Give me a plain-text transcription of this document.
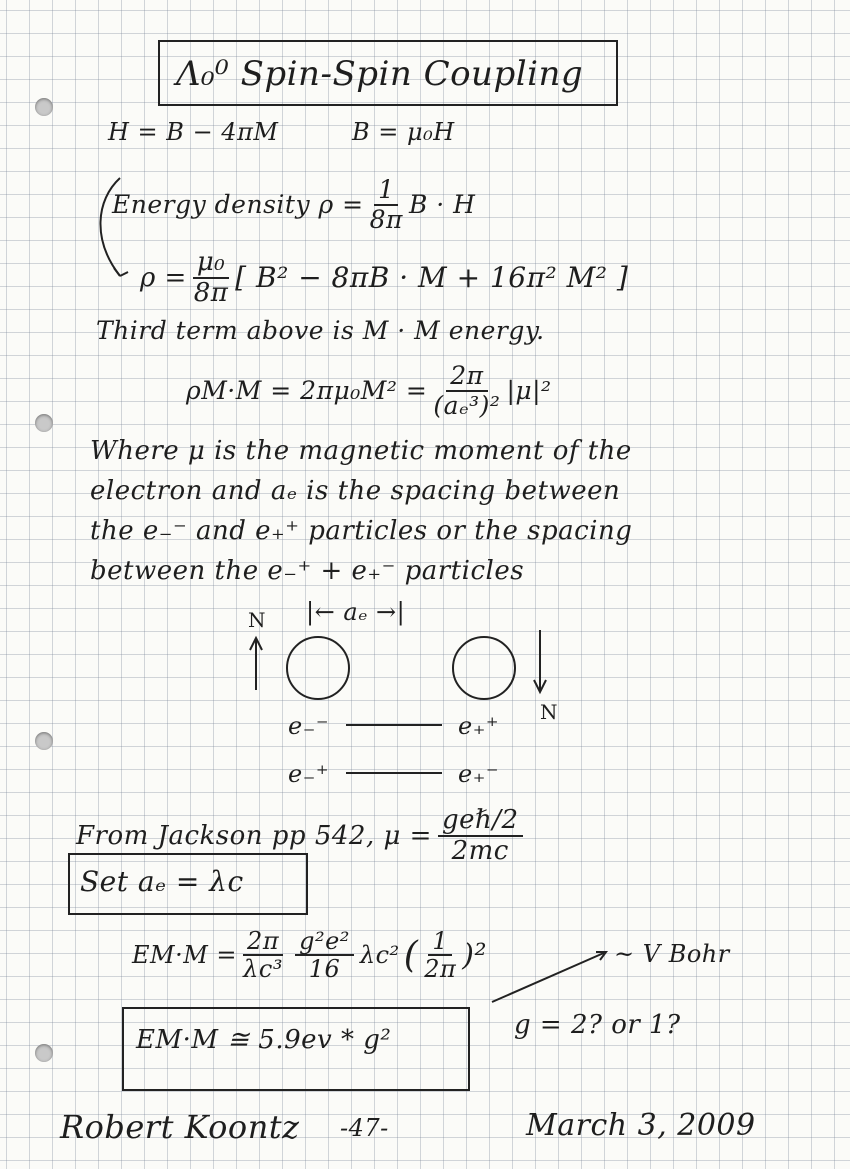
Λ₀⁰ Spin-Spin Coupling
H = B − 4πM	B = μ₀H
Energy density $\rho = \frac{1}{8\pi}$ B · H
$\rho = \frac{\text{μ₀}}{8\pi}$ [ B² − 8πB · M + 16π² M² ]
Third term above is M · M energy.
$\rho M\cdot M = 2\pi\mu_0M^2 = \frac{2\pi}{\text{(aₑ³)²}} |\mu|^2$
Where μ is the magnetic moment of the
electron and aₑ is the spacing between
the e₋⁻ and e₊⁺ particles or the spacing
between the e₋⁺ + e₊⁻ particles
|← aₑ →|
N
N
e₋⁻	e₊⁺
e₋⁺	e₊⁻
From Jackson pp 542, $\mu = \frac{\text{geℏ/2}}{2mc}$
Set aₑ = λc
$EM\cdot M = \frac{2\pi}{\text{λc³}} \frac{\text{g²e²}}{16} \lambda c^2$ ( $\frac{1}{2\pi} )^2$	~ V Bohr
EM·M ≅ 5.9ev * g²	g = 2? or 1?
Robert Koontz -47-	March 3, 2009
